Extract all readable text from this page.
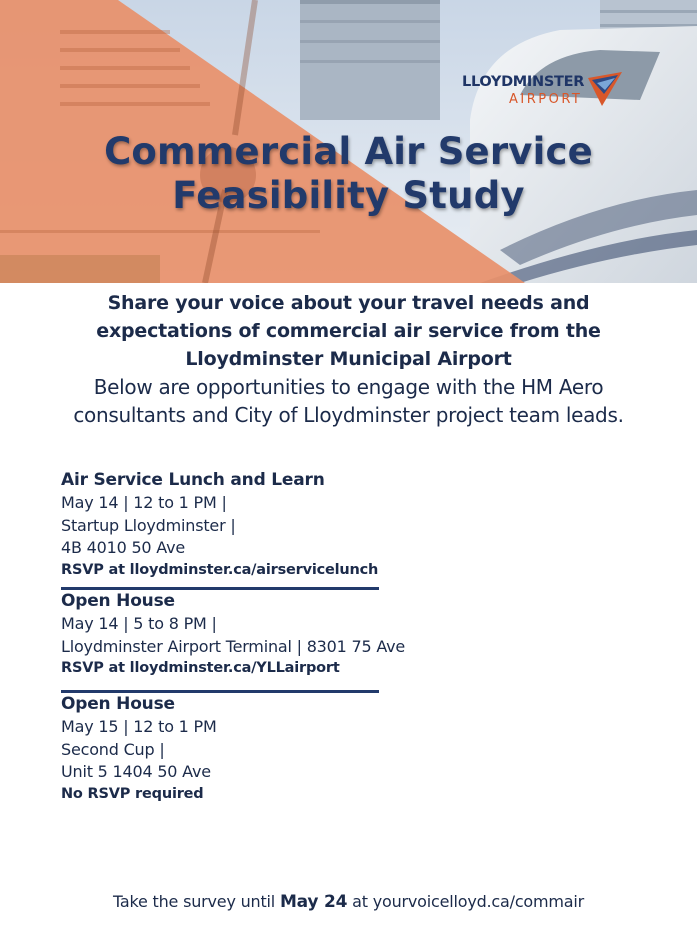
LLOYDMINSTER
AIRPORT
Commercial Air Service
Feasibility Study
Share your voice about your travel needs and
expectations of commercial air service from the
Lloydminster Municipal Airport
Below are opportunities to engage with the HM Aero
consultants and City of Lloydminster project team leads.
Air Service Lunch and Learn
May 14 | 12 to 1 PM |
Startup Lloydminster |
4B 4010 50 Ave
RSVP at lloydminster.ca/airservicelunch
Open House
May 14 | 5 to 8 PM |
Lloydminster Airport Terminal | 8301 75 Ave
RSVP at lloydminster.ca/YLLairport
Open House
May 15 | 12 to 1 PM
Second Cup |
Unit 5 1404 50 Ave
No RSVP required
Take the survey until May 24 at yourvoicelloyd.ca/commair
